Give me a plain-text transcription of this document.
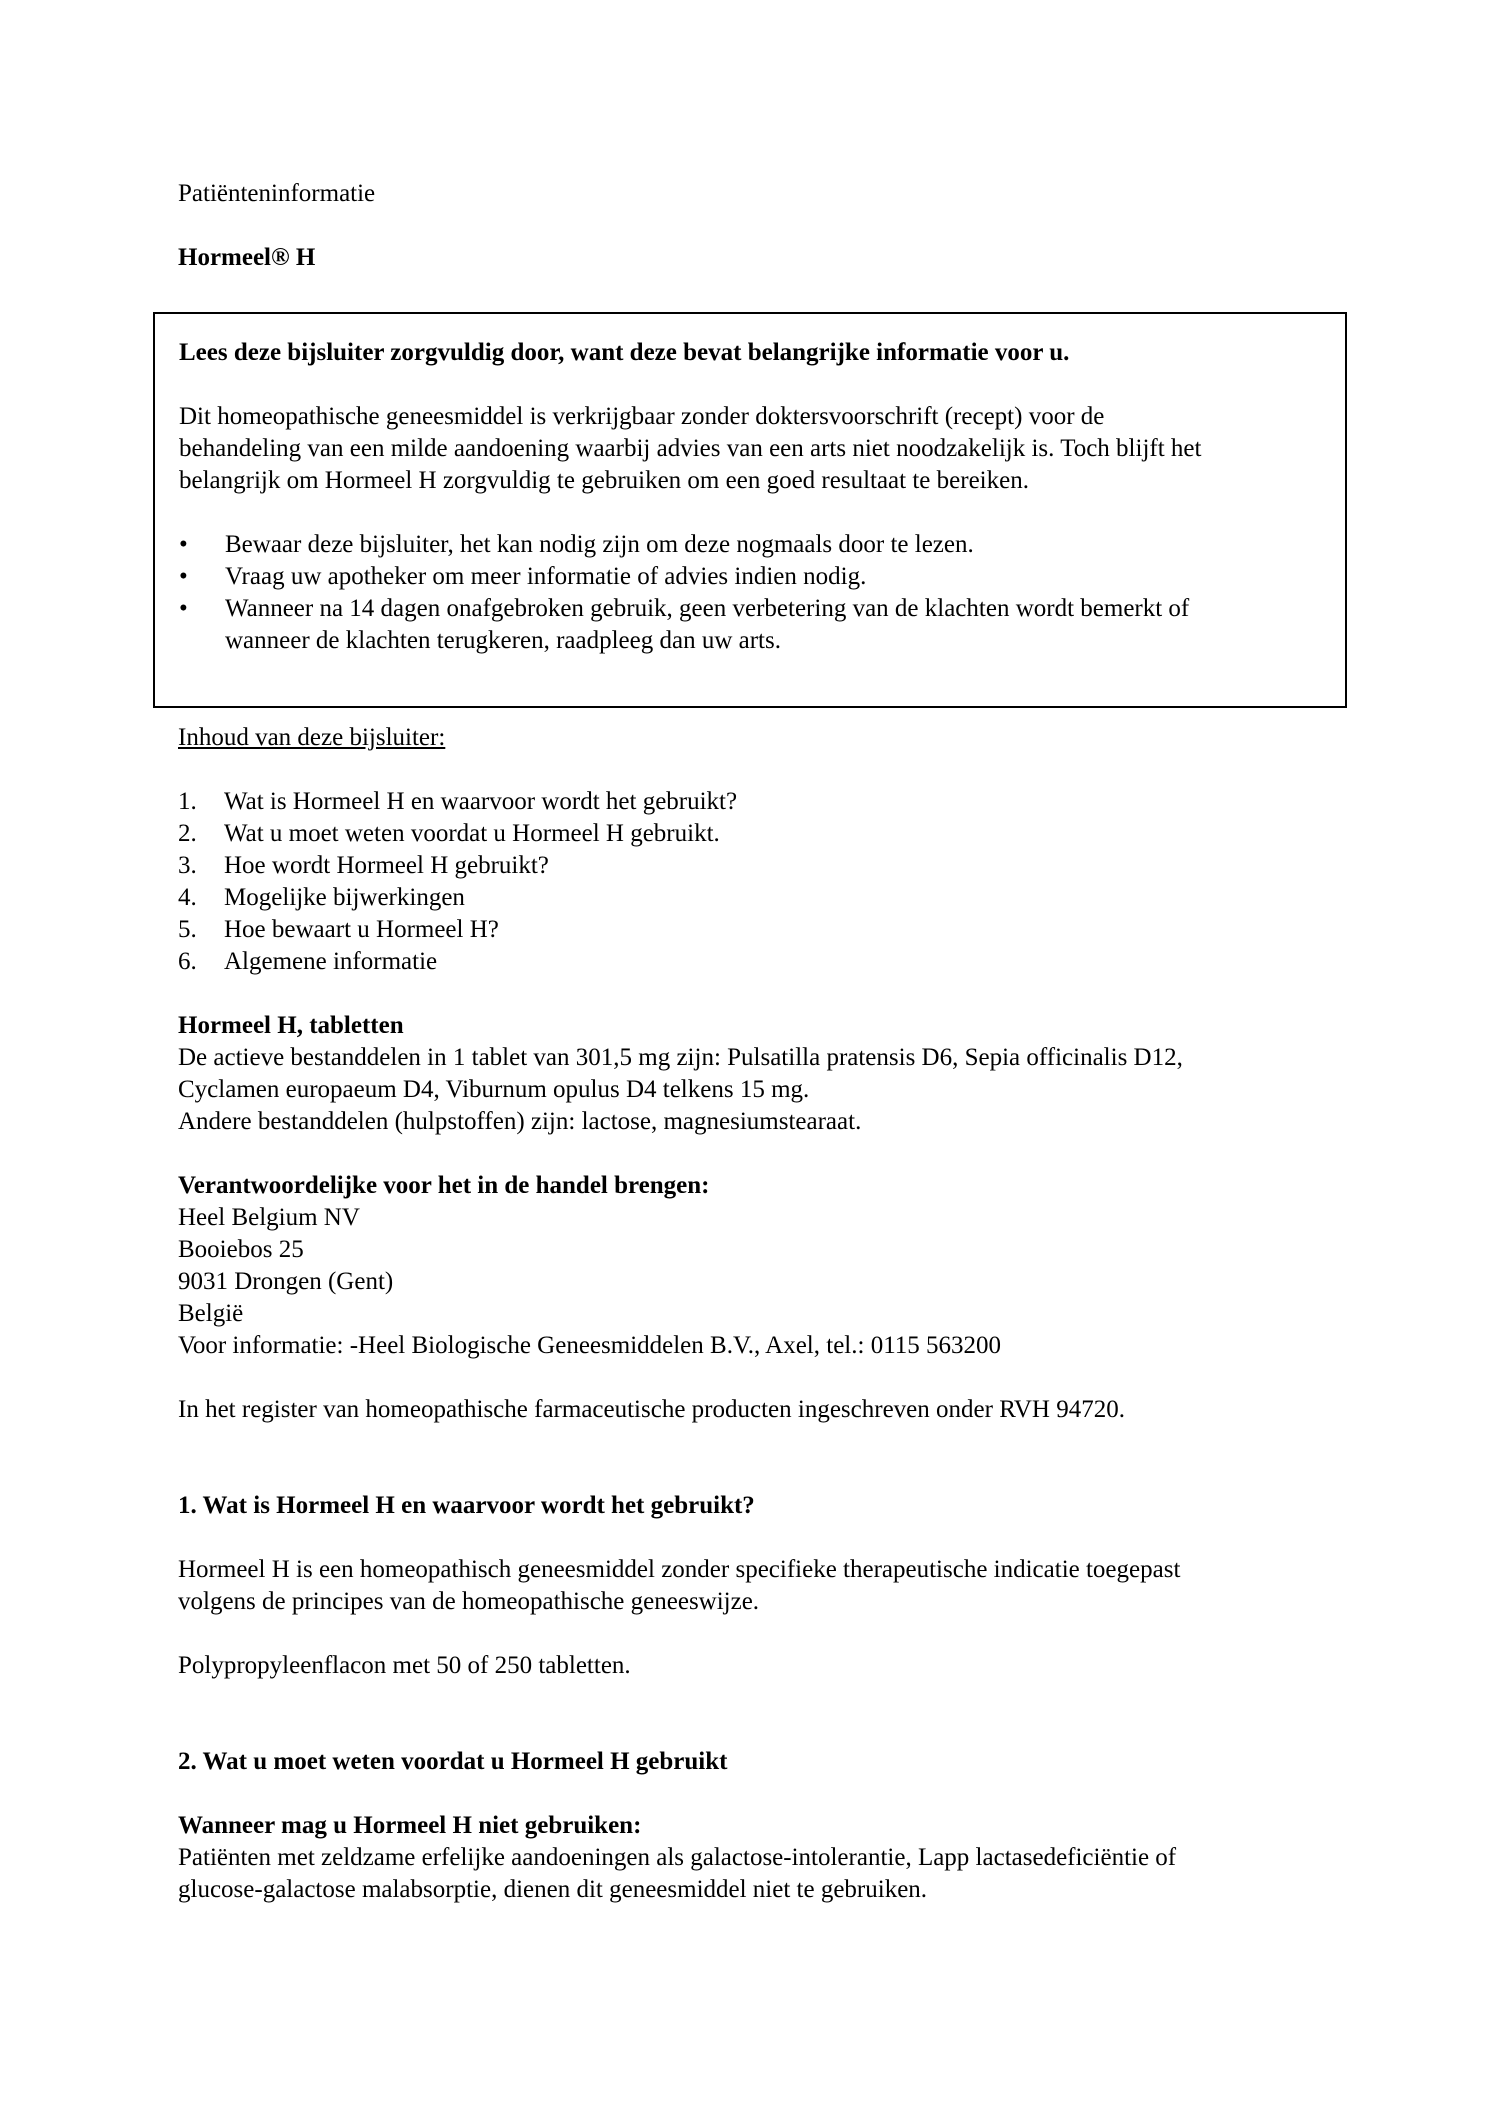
Patiënteninformatie

Hormeel® H

Lees deze bijsluiter zorgvuldig door, want deze bevat belangrijke informatie voor u.

Dit homeopathische geneesmiddel is verkrijgbaar zonder doktersvoorschrift (recept) voor de

behandeling van een milde aandoening waarbij advies van een arts niet noodzakelijk is. Toch blijft het

belangrijk om Hormeel H zorgvuldig te gebruiken om een goed resultaat te bereiken.

• Bewaar deze bijsluiter, het kan nodig zijn om deze nogmaals door te lezen.

• Vraag uw apotheker om meer informatie of advies indien nodig.

• Wanneer na 14 dagen onafgebroken gebruik, geen verbetering van de klachten wordt bemerkt of

wanneer de klachten terugkeren, raadpleeg dan uw arts.

Inhoud van deze bijsluiter:

1. Wat is Hormeel H en waarvoor wordt het gebruikt?
2. Wat u moet weten voordat u Hormeel H gebruikt.
3. Hoe wordt Hormeel H gebruikt?
4. Mogelijke bijwerkingen
5. Hoe bewaart u Hormeel H?
6. Algemene informatie

Hormeel H, tabletten

De actieve bestanddelen in 1 tablet van 301,5 mg zijn: Pulsatilla pratensis D6, Sepia officinalis D12,

Cyclamen europaeum D4, Viburnum opulus D4 telkens 15 mg.

Andere bestanddelen (hulpstoffen) zijn: lactose, magnesiumstearaat.

Verantwoordelijke voor het in de handel brengen:

Heel Belgium NV

Booiebos 25

9031 Drongen (Gent)

België

Voor informatie: -Heel Biologische Geneesmiddelen B.V., Axel, tel.: 0115 563200

In het register van homeopathische farmaceutische producten ingeschreven onder RVH 94720.

1. Wat is Hormeel H en waarvoor wordt het gebruikt?

Hormeel H is een homeopathisch geneesmiddel zonder specifieke therapeutische indicatie toegepast

volgens de principes van de homeopathische geneeswijze.

Polypropyleenflacon met 50 of 250 tabletten.

2. Wat u moet weten voordat u Hormeel H gebruikt

Wanneer mag u Hormeel H niet gebruiken:

Patiënten met zeldzame erfelijke aandoeningen als galactose-intolerantie, Lapp lactasedeficiëntie of

glucose-galactose malabsorptie, dienen dit geneesmiddel niet te gebruiken.
